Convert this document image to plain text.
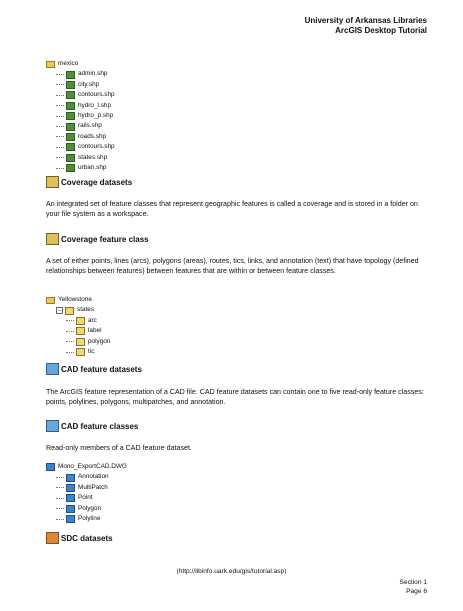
University of Arkansas Libraries
ArcGIS Desktop Tutorial
mexico
admin.shp
city.shp
contours.shp
hydro_l.shp
hydro_p.shp
rails.shp
roads.shp
contours.shp
states.shp
urban.shp
Coverage datasets
An integrated set of feature classes that represent geographic features is called a coverage and is stored in a folder on your file system as a workspace.
Coverage feature class
A set of either points, lines (arcs), polygons (areas), routes, tics, links, and annotation (text) that have topology (defined relationships between features) between features that are within or between feature classes.
Yellowstone
− states
arc
label
polygon
tic
CAD feature datasets
The ArcGIS feature representation of a CAD file. CAD feature datasets can contain one to five read-only feature classes: points, polylines, polygons, multipatches, and annotation.
CAD feature classes
Read-only members of a CAD feature dataset.
Mono_ExportCAD.DWG
Annotation
MultiPatch
Point
Polygon
Polyline
SDC datasets
(http://libinfo.uark.edu/gis/tutorial.asp)
Section 1
Page 6
